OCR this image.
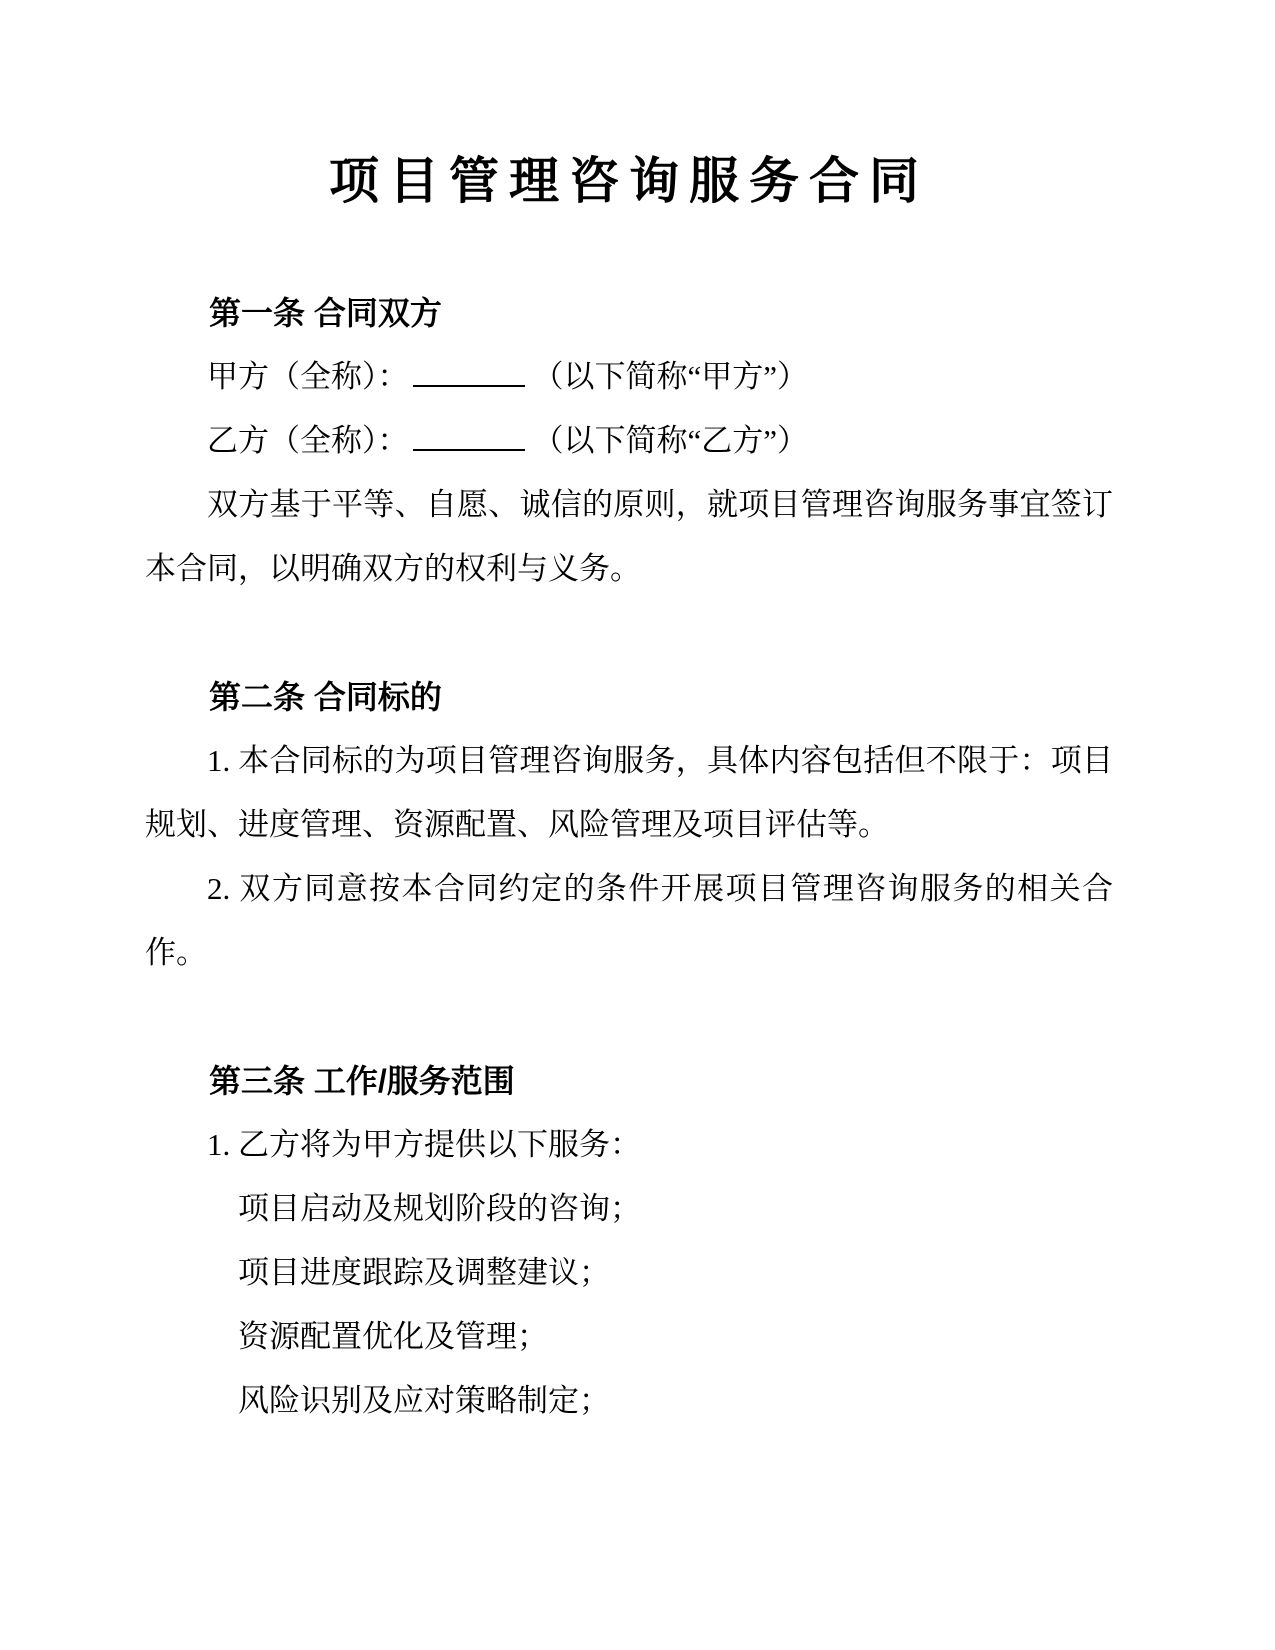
项目管理咨询服务合同
第一条 合同双方

甲方（全称）：	（以下简称“甲方”）

乙方（全称）：	（以下简称“乙方”）

双方基于平等、自愿、诚信的原则，就项目管理咨询服务事宜签订本合同，以明确双方的权利与义务。

第二条 合同标的

1. 本合同标的为项目管理咨询服务，具体内容包括但不限于：项目规划、进度管理、资源配置、风险管理及项目评估等。

2. 双方同意按本合同约定的条件开展项目管理咨询服务的相关合作。

第三条 工作/服务范围

1. 乙方将为甲方提供以下服务：

项目启动及规划阶段的咨询；

项目进度跟踪及调整建议；

资源配置优化及管理；

风险识别及应对策略制定；
